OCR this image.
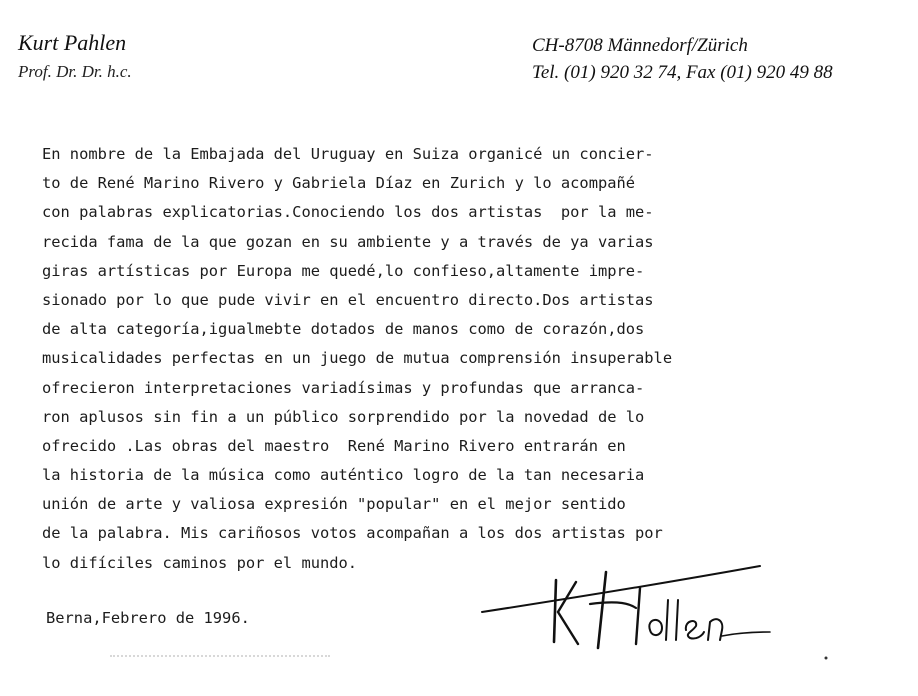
Kurt Pahlen
Prof. Dr. Dr. h.c.
CH-8708 Männedorf/Zürich
Tel. (01) 920 32 74, Fax (01) 920 49 88
En nombre de la Embajada del Uruguay en Suiza organicé un concier-
to de René Marino Rivero y Gabriela Díaz en Zurich y lo acompañé
con palabras explicatorias.Conociendo los dos artistas  por la me-
recida fama de la que gozan en su ambiente y a través de ya varias
giras artísticas por Europa me quedé,lo confieso,altamente impre-
sionado por lo que pude vivir en el encuentro directo.Dos artistas
de alta categoría,igualmebte dotados de manos como de corazón,dos
musicalidades perfectas en un juego de mutua comprensión insuperable
ofrecieron interpretaciones variadísimas y profundas que arranca-
ron aplusos sin fin a un público sorprendido por la novedad de lo
ofrecido .Las obras del maestro  René Marino Rivero entrarán en
la historia de la música como auténtico logro de la tan necesaria
unión de arte y valiosa expresión "popular" en el mejor sentido
de la palabra. Mis cariñosos votos acompañan a los dos artistas por
lo difíciles caminos por el mundo.
Berna,Febrero de 1996.
